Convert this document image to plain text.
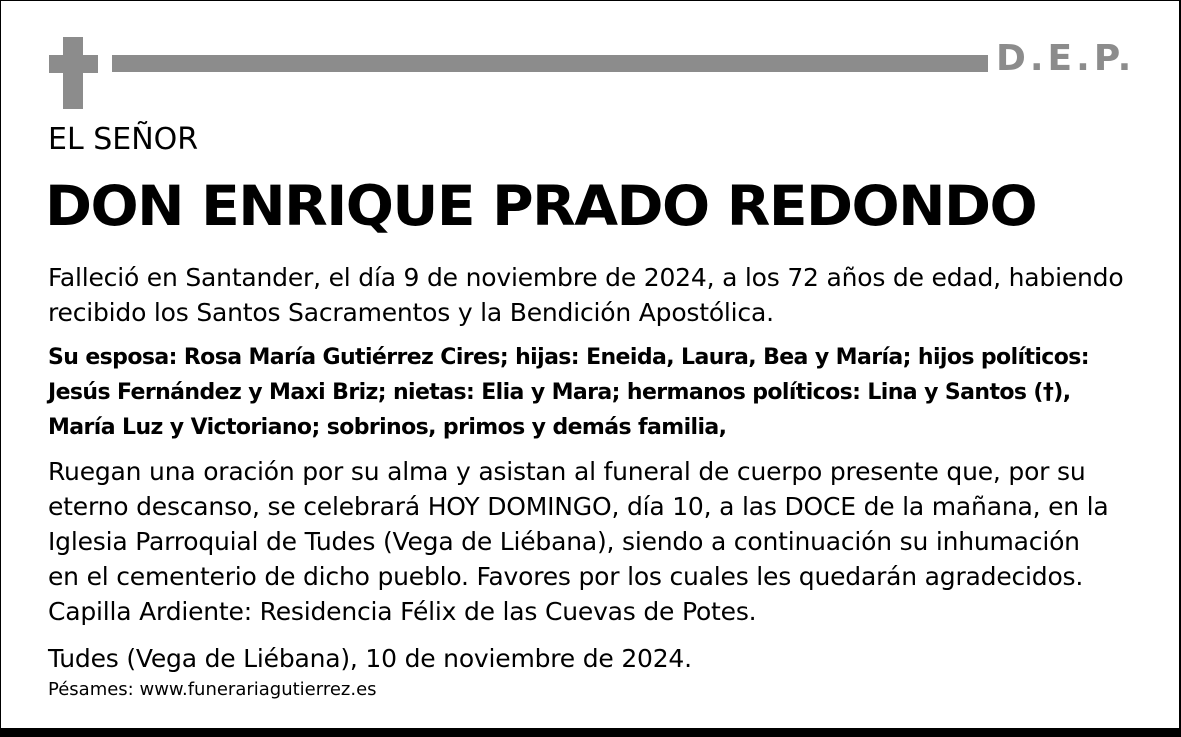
D.E.P.
EL SEÑOR
DON ENRIQUE PRADO REDONDO
Falleció en Santander, el día 9 de noviembre de 2024, a los 72 años de edad, habiendo
recibido los Santos Sacramentos y la Bendición Apostólica.
Su esposa: Rosa María Gutiérrez Cires; hijas: Eneida, Laura, Bea y María; hijos políticos:
Jesús Fernández y Maxi Briz; nietas: Elia y Mara; hermanos políticos: Lina y Santos (†),
María Luz y Victoriano; sobrinos, primos y demás familia,
Ruegan una oración por su alma y asistan al funeral de cuerpo presente que, por su
eterno descanso, se celebrará HOY DOMINGO, día 10, a las DOCE de la mañana, en la
Iglesia Parroquial de Tudes (Vega de Liébana), siendo a continuación su inhumación
en el cementerio de dicho pueblo. Favores por los cuales les quedarán agradecidos.
Capilla Ardiente: Residencia Félix de las Cuevas de Potes.
Tudes (Vega de Liébana), 10 de noviembre de 2024.
Pésames: www.funerariagutierrez.es
